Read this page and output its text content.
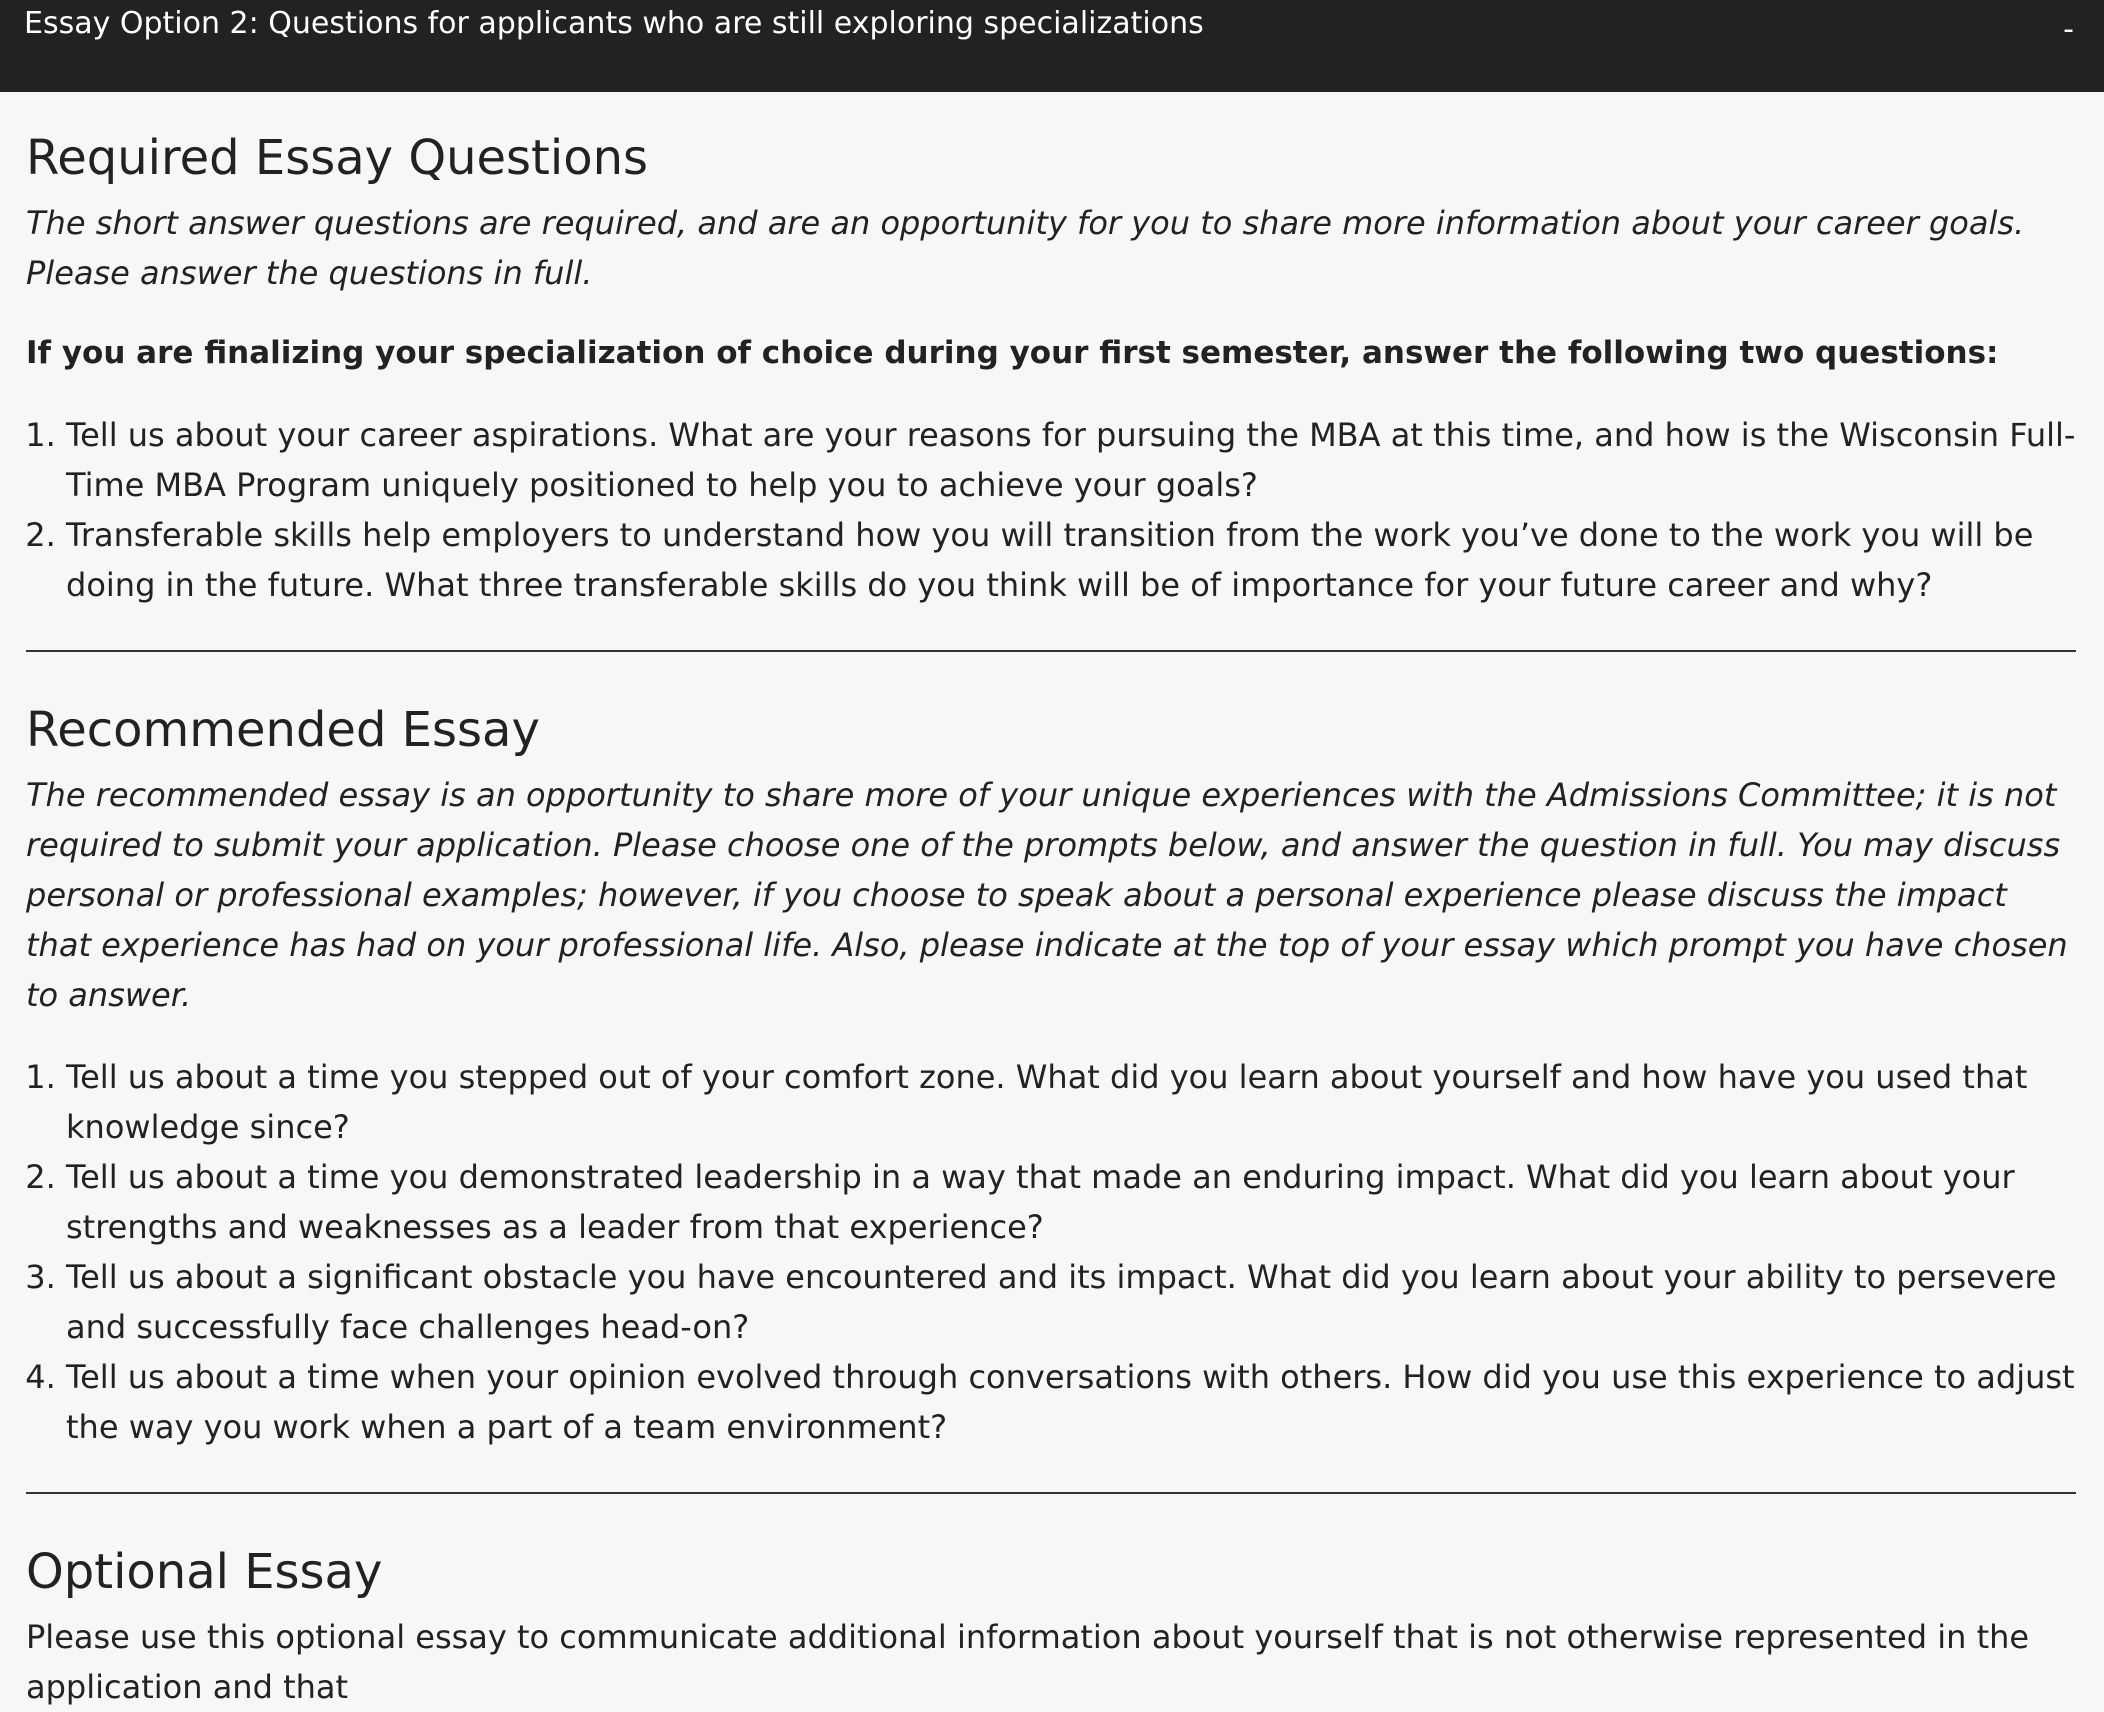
Essay Option 2: Questions for applicants who are still exploring specializations	-
Required Essay Questions

The short answer questions are required, and are an opportunity for you to share more information about your career goals. Please answer the questions in full.

If you are finalizing your specialization of choice during your first semester, answer the following two questions:

1. Tell us about your career aspirations. What are your reasons for pursuing the MBA at this time, and how is the Wisconsin Full-Time MBA Program uniquely positioned to help you to achieve your goals?
2. Transferable skills help employers to understand how you will transition from the work you’ve done to the work you will be doing in the future. What three transferable skills do you think will be of importance for your future career and why?
Recommended Essay

The recommended essay is an opportunity to share more of your unique experiences with the Admissions Committee; it is not required to submit your application. Please choose one of the prompts below, and answer the question in full. You may discuss personal or professional examples; however, if you choose to speak about a personal experience please discuss the impact that experience has had on your professional life. Also, please indicate at the top of your essay which prompt you have chosen to answer.

1. Tell us about a time you stepped out of your comfort zone. What did you learn about yourself and how have you used that knowledge since?
2. Tell us about a time you demonstrated leadership in a way that made an enduring impact. What did you learn about your strengths and weaknesses as a leader from that experience?
3. Tell us about a significant obstacle you have encountered and its impact. What did you learn about your ability to persevere and successfully face challenges head-on?
4. Tell us about a time when your opinion evolved through conversations with others. How did you use this experience to adjust the way you work when a part of a team environment?
Optional Essay

Please use this optional essay to communicate additional information about yourself that is not otherwise represented in the application and that
